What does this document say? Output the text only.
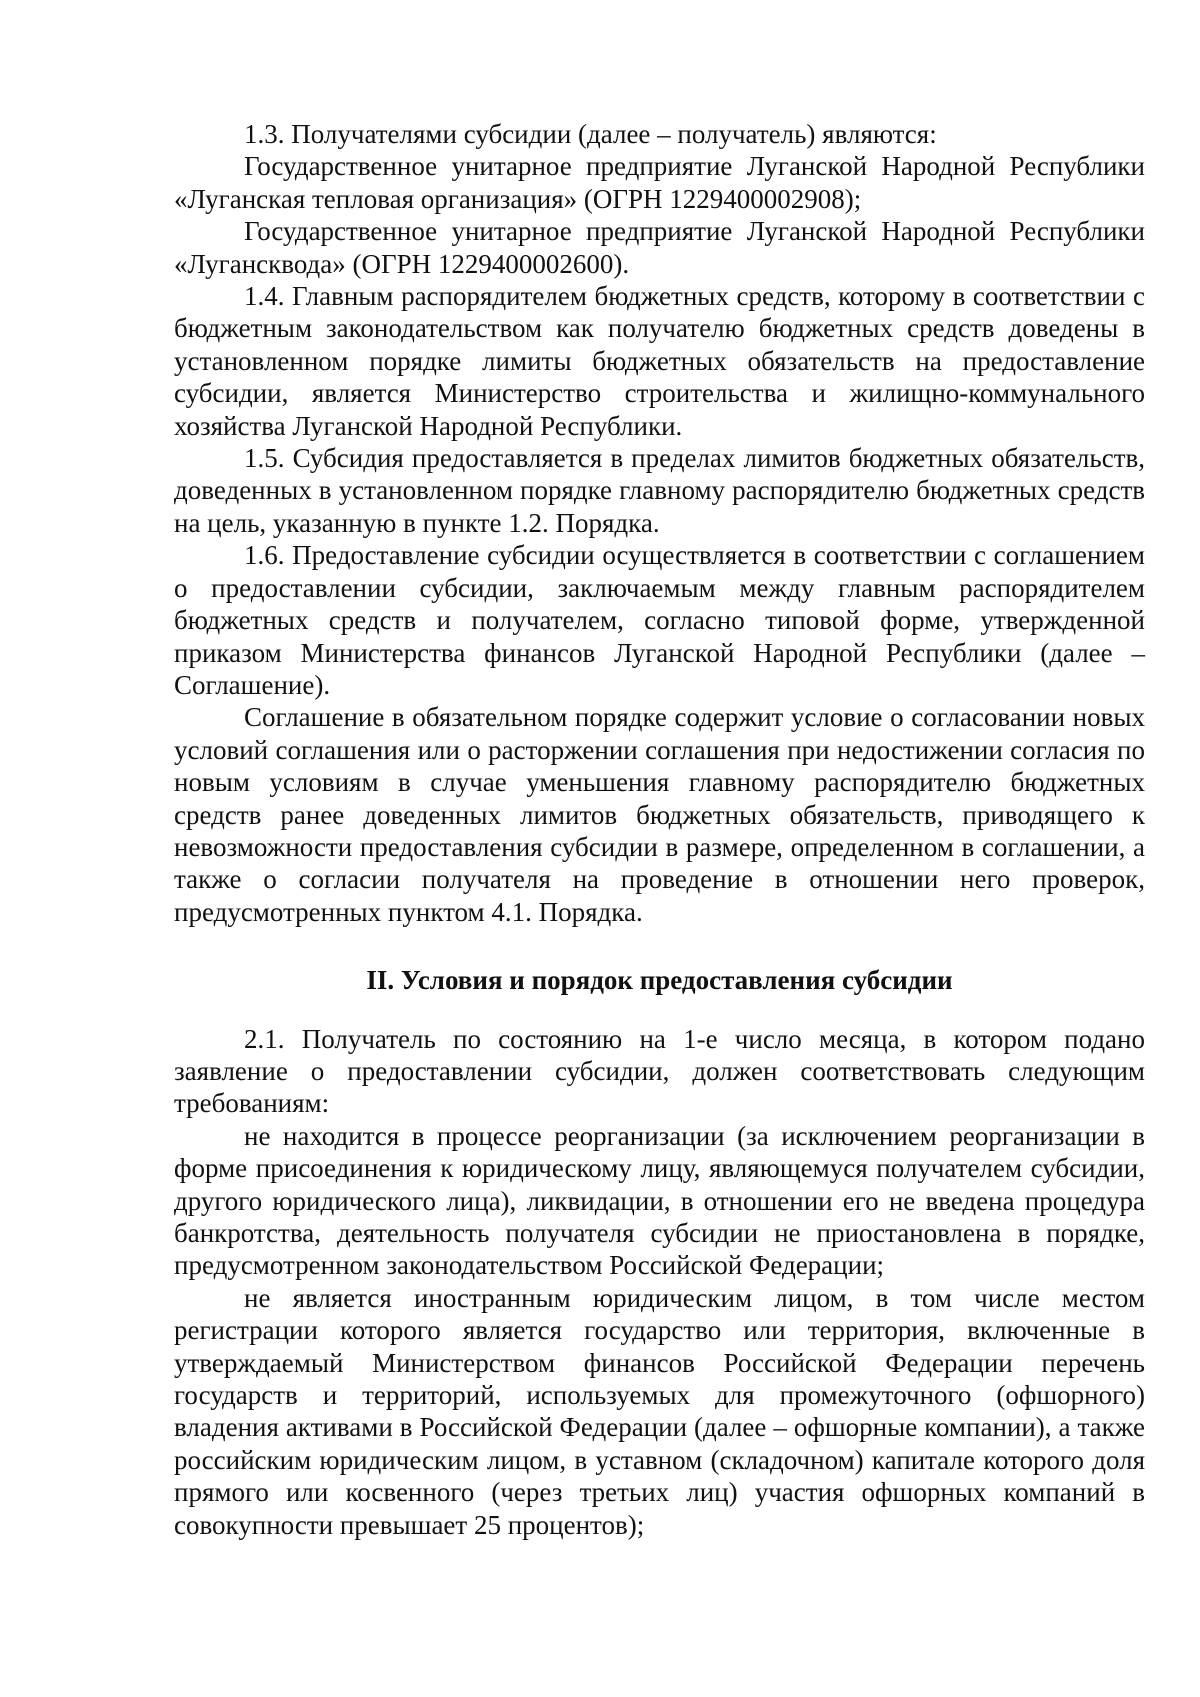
1.3. Получателями субсидии (далее – получатель) являются:

Государственное унитарное предприятие Луганской Народной Республики «Луганская тепловая организация» (ОГРН 1229400002908);

Государственное унитарное предприятие Луганской Народной Республики «Лугансквода» (ОГРН 1229400002600).

1.4. Главным распорядителем бюджетных средств, которому в соответствии с бюджетным законодательством как получателю бюджетных средств доведены в установленном порядке лимиты бюджетных обязательств на предоставление субсидии, является Министерство строительства и жилищно-коммунального хозяйства Луганской Народной Республики.

1.5. Субсидия предоставляется в пределах лимитов бюджетных обязательств, доведенных в установленном порядке главному распорядителю бюджетных средств на цель, указанную в пункте 1.2. Порядка.

1.6. Предоставление субсидии осуществляется в соответствии с соглашением о предоставлении субсидии, заключаемым между главным распорядителем бюджетных средств и получателем, согласно типовой форме, утвержденной приказом Министерства финансов Луганской Народной Республики (далее – Соглашение).

Соглашение в обязательном порядке содержит условие о согласовании новых условий соглашения или о расторжении соглашения при недостижении согласия по новым условиям в случае уменьшения главному распорядителю бюджетных средств ранее доведенных лимитов бюджетных обязательств, приводящего к невозможности предоставления субсидии в размере, определенном в соглашении, а также о согласии получателя на проведение в отношении него проверок, предусмотренных пунктом 4.1. Порядка.

II. Условия и порядок предоставления субсидии

2.1. Получатель по состоянию на 1-е число месяца, в котором подано заявление о предоставлении субсидии, должен соответствовать следующим требованиям:

не находится в процессе реорганизации (за исключением реорганизации в форме присоединения к юридическому лицу, являющемуся получателем субсидии, другого юридического лица), ликвидации, в отношении его не введена процедура банкротства, деятельность получателя субсидии не приостановлена в порядке, предусмотренном законодательством Российской Федерации;

не является иностранным юридическим лицом, в том числе местом регистрации которого является государство или территория, включенные в утверждаемый Министерством финансов Российской Федерации перечень государств и территорий, используемых для промежуточного (офшорного) владения активами в Российской Федерации (далее – офшорные компании), а также российским юридическим лицом, в уставном (складочном) капитале которого доля прямого или косвенного (через третьих лиц) участия офшорных компаний в совокупности превышает 25 процентов);
